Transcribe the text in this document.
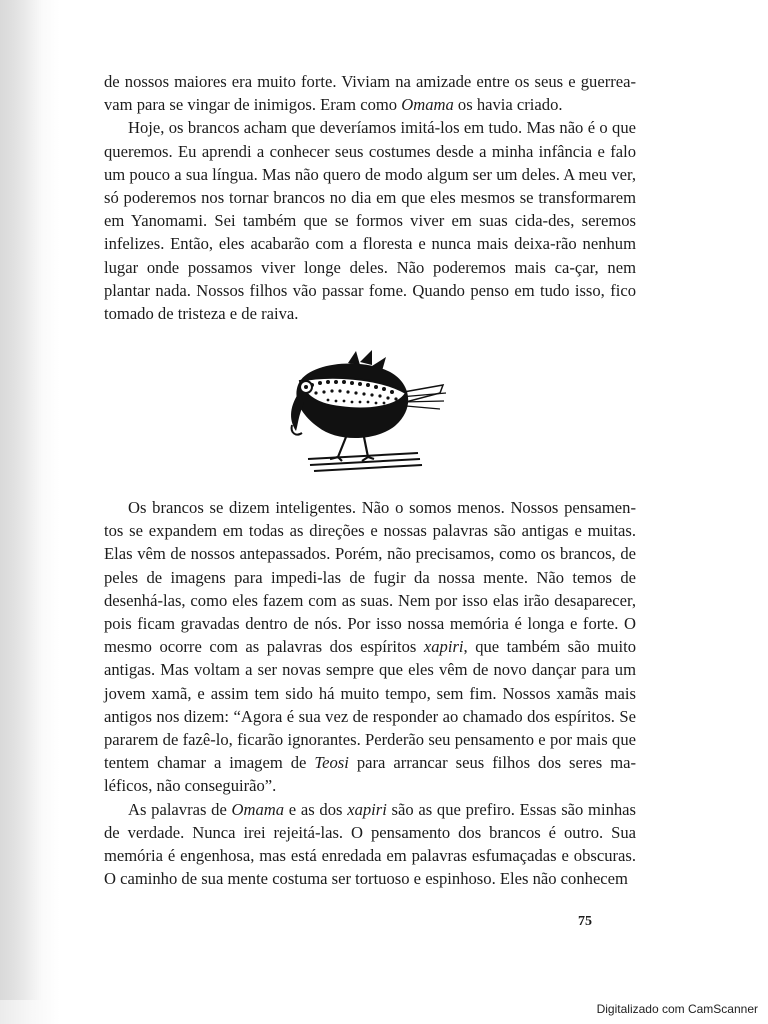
de nossos maiores era muito forte. Viviam na amizade entre os seus e guerrea-vam para se vingar de inimigos. Eram como Omama os havia criado.

Hoje, os brancos acham que deveríamos imitá-los em tudo. Mas não é o que queremos. Eu aprendi a conhecer seus costumes desde a minha infância e falo um pouco a sua língua. Mas não quero de modo algum ser um deles. A meu ver, só poderemos nos tornar brancos no dia em que eles mesmos se transformarem em Yanomami. Sei também que se formos viver em suas cida-des, seremos infelizes. Então, eles acabarão com a floresta e nunca mais deixa-rão nenhum lugar onde possamos viver longe deles. Não poderemos mais ca-çar, nem plantar nada. Nossos filhos vão passar fome. Quando penso em tudo isso, fico tomado de tristeza e de raiva.

Os brancos se dizem inteligentes. Não o somos menos. Nossos pensamen-tos se expandem em todas as direções e nossas palavras são antigas e muitas. Elas vêm de nossos antepassados. Porém, não precisamos, como os brancos, de peles de imagens para impedi-las de fugir da nossa mente. Não temos de desenhá-las, como eles fazem com as suas. Nem por isso elas irão desaparecer, pois ficam gravadas dentro de nós. Por isso nossa memória é longa e forte. O mesmo ocorre com as palavras dos espíritos xapiri, que também são muito antigas. Mas voltam a ser novas sempre que eles vêm de novo dançar para um jovem xamã, e assim tem sido há muito tempo, sem fim. Nossos xamãs mais antigos nos dizem: “Agora é sua vez de responder ao chamado dos espíritos. Se pararem de fazê-lo, ficarão ignorantes. Perderão seu pensamento e por mais que tentem chamar a imagem de Teosi para arrancar seus filhos dos seres ma-léficos, não conseguirão”.

As palavras de Omama e as dos xapiri são as que prefiro. Essas são minhas de verdade. Nunca irei rejeitá-las. O pensamento dos brancos é outro. Sua memória é engenhosa, mas está enredada em palavras esfumaçadas e obscuras. O caminho de sua mente costuma ser tortuoso e espinhoso. Eles não conhecem

75
Digitalizado com CamScanner
